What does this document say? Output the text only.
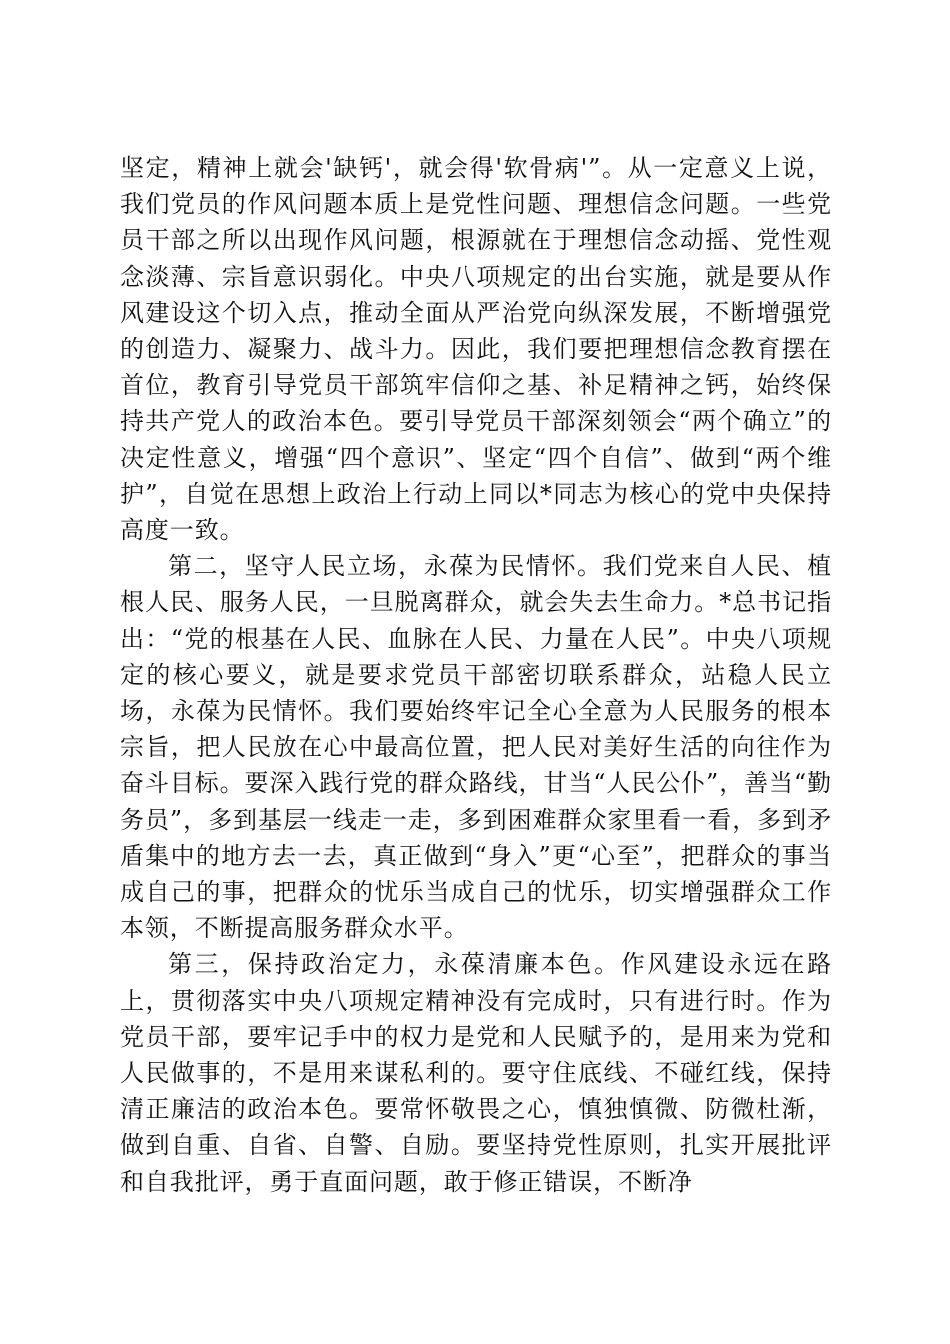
坚定，精神上就会'缺钙'，就会得'软骨病'”。从一定意义上说，我们党员的作风问题本质上是党性问题、理想信念问题。一些党员干部之所以出现作风问题，根源就在于理想信念动摇、党性观念淡薄、宗旨意识弱化。中央八项规定的出台实施，就是要从作风建设这个切入点，推动全面从严治党向纵深发展，不断增强党的创造力、凝聚力、战斗力。因此，我们要把理想信念教育摆在首位，教育引导党员干部筑牢信仰之基、补足精神之钙，始终保持共产党人的政治本色。要引导党员干部深刻领会“两个确立”的决定性意义，增强“四个意识”、坚定“四个自信”、做到“两个维护”，自觉在思想上政治上行动上同以*同志为核心的党中央保持高度一致。

第二，坚守人民立场，永葆为民情怀。我们党来自人民、植根人民、服务人民，一旦脱离群众，就会失去生命力。*总书记指出：“党的根基在人民、血脉在人民、力量在人民”。中央八项规定的核心要义，就是要求党员干部密切联系群众，站稳人民立场，永葆为民情怀。我们要始终牢记全心全意为人民服务的根本宗旨，把人民放在心中最高位置，把人民对美好生活的向往作为奋斗目标。要深入践行党的群众路线，甘当“人民公仆”，善当“勤务员”，多到基层一线走一走，多到困难群众家里看一看，多到矛盾集中的地方去一去，真正做到“身入”更“心至”，把群众的事当成自己的事，把群众的忧乐当成自己的忧乐，切实增强群众工作本领，不断提高服务群众水平。

第三，保持政治定力，永葆清廉本色。作风建设永远在路上，贯彻落实中央八项规定精神没有完成时，只有进行时。作为党员干部，要牢记手中的权力是党和人民赋予的，是用来为党和人民做事的，不是用来谋私利的。要守住底线、不碰红线，保持清正廉洁的政治本色。要常怀敬畏之心，慎独慎微、防微杜渐，做到自重、自省、自警、自励。要坚持党性原则，扎实开展批评和自我批评，勇于直面问题，敢于修正错误，不断净
